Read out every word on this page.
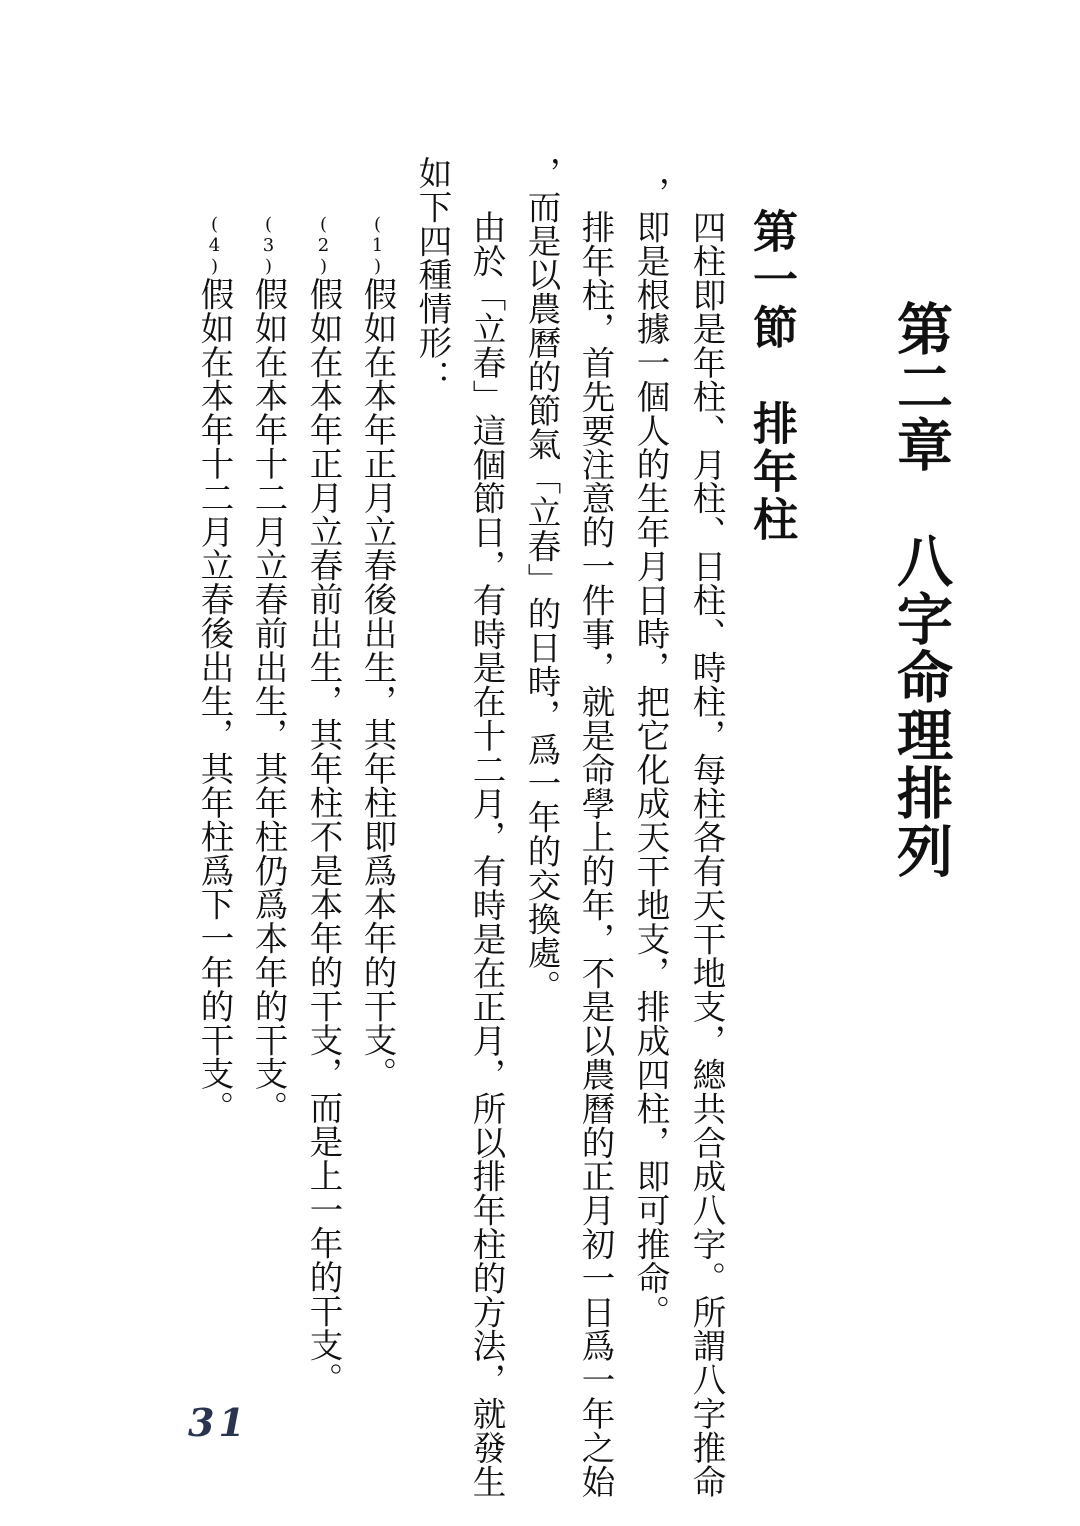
第二章　八字命理排列
第一節　排年柱

四柱即是年柱、月柱、日柱、時柱，每柱各有天干地支，總共合成八字。所謂八字推命

，即是根據一個人的生年月日時，把它化成天干地支，排成四柱，即可推命。

排年柱，首先要注意的一件事，就是命學上的年，不是以農曆的正月初一日爲一年之始

，而是以農曆的節氣「立春」的日時，爲一年的交換處。

由於「立春」這個節日，有時是在十二月，有時是在正月，所以排年柱的方法，就發生

如下四種情形：

(1)假如在本年正月立春後出生，其年柱即爲本年的干支。
(2)假如在本年正月立春前出生，其年柱不是本年的干支，而是上一年的干支。
(3)假如在本年十二月立春前出生，其年柱仍爲本年的干支。
(4)假如在本年十二月立春後出生，其年柱爲下一年的干支。
31
